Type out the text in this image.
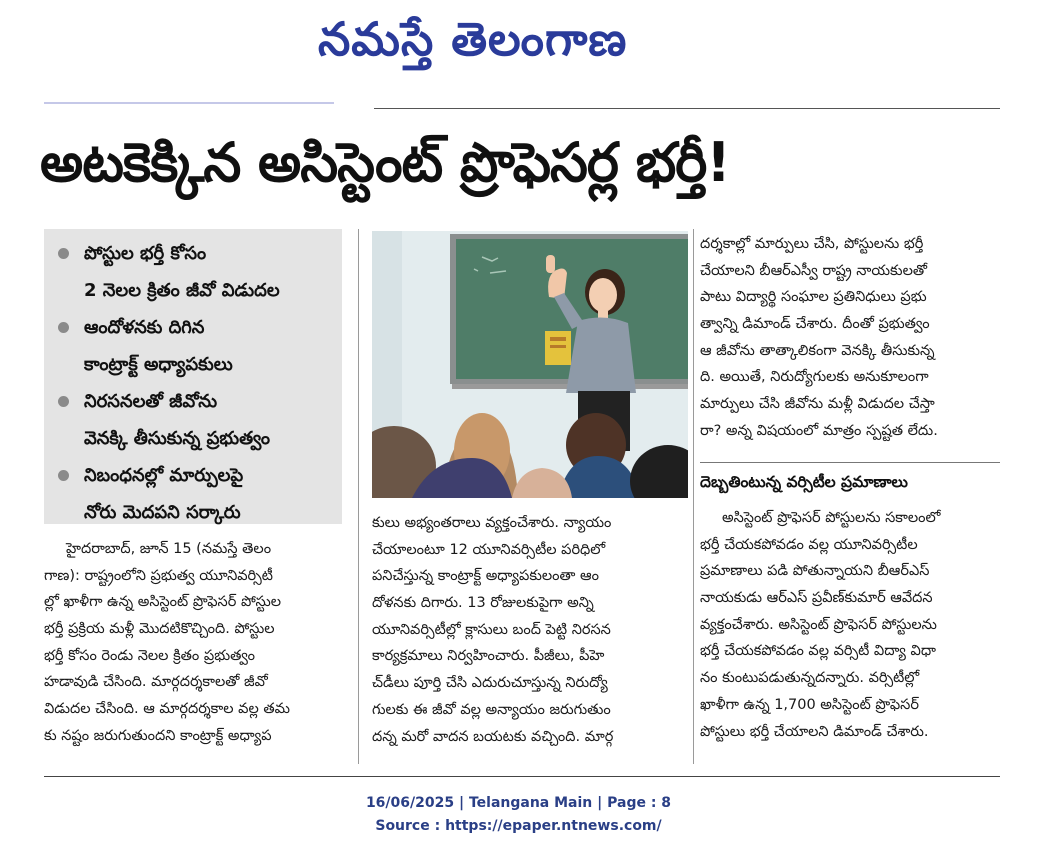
నమస్తే తెలంగాణ
అటకెక్కిన అసిస్టెంట్ ప్రొఫెసర్ల భర్తీ!
పోస్టుల భర్తీ కోసం
2 నెలల క్రితం జీవో విడుదల
ఆందోళనకు దిగిన
కాంట్రాక్ట్ అధ్యాపకులు
నిరసనలతో జీవోను
వెనక్కి తీసుకున్న ప్రభుత్వం
నిబంధనల్లో మార్పులపై
నోరు మెదపని సర్కారు

హైదరాబాద్, జూన్ 15 (నమస్తే తెలం

గాణ): రాష్ట్రంలోని ప్రభుత్వ యూనివర్సిటీ

ల్లో ఖాళీగా ఉన్న అసిస్టెంట్ ప్రొఫెసర్ పోస్టుల

భర్తీ ప్రక్రియ మళ్లీ మొదటికొచ్చింది. పోస్టుల

భర్తీ కోసం రెండు నెలల క్రితం ప్రభుత్వం

హడావుడి చేసింది. మార్గదర్శకాలతో జీవో

విడుదల చేసింది. ఆ మార్గదర్శకాల వల్ల తమ

కు నష్టం జరుగుతుందని కాంట్రాక్ట్ అధ్యాప

కులు అభ్యంతరాలు వ్యక్తంచేశారు. న్యాయం

చేయాలంటూ 12 యూనివర్సిటీల పరిధిలో

పనిచేస్తున్న కాంట్రాక్ట్ అధ్యాపకులంతా ఆం

దోళనకు దిగారు. 13 రోజులకుపైగా అన్ని

యూనివర్సిటీల్లో క్లాసులు బంద్ పెట్టి నిరసన

కార్యక్రమాలు నిర్వహించారు. పీజీలు, పీహె

చ్‌డీలు పూర్తి చేసి ఎదురుచూస్తున్న నిరుద్యో

గులకు ఈ జీవో వల్ల అన్యాయం జరుగుతుం

దన్న మరో వాదన బయటకు వచ్చింది. మార్గ

దర్శకాల్లో మార్పులు చేసి, పోస్టులను భర్తీ

చేయాలని బీఆర్ఎస్వీ రాష్ట్ర నాయకులతో

పాటు విద్యార్థి సంఘాల ప్రతినిధులు ప్రభు

త్వాన్ని డిమాండ్ చేశారు. దీంతో ప్రభుత్వం

ఆ జీవోను తాత్కాలికంగా వెనక్కి తీసుకున్న

ది. అయితే, నిరుద్యోగులకు అనుకూలంగా

మార్పులు చేసి జీవోను మళ్లీ విడుదల చేస్తా

రా? అన్న విషయంలో మాత్రం స్పష్టత లేదు.

దెబ్బతింటున్న వర్సిటీల ప్రమాణాలు

అసిస్టెంట్ ప్రొఫెసర్ పోస్టులను సకాలంలో

భర్తీ చేయకపోవడం వల్ల యూనివర్సిటీల

ప్రమాణాలు పడి పోతున్నాయని బీఆర్ఎస్

నాయకుడు ఆర్ఎస్ ప్రవీణ్‌కుమార్ ఆవేదన

వ్యక్తంచేశారు. అసిస్టెంట్ ప్రొఫెసర్ పోస్టులను

భర్తీ చేయకపోవడం వల్ల వర్సిటీ విద్యా విధా

నం కుంటుపడుతున్నదన్నారు. వర్సిటీల్లో

ఖాళీగా ఉన్న 1,700 అసిస్టెంట్ ప్రొఫెసర్

పోస్టులు భర్తీ చేయాలని డిమాండ్ చేశారు.

16/06/2025 | Telangana Main | Page : 8
Source : https://epaper.ntnews.com/
